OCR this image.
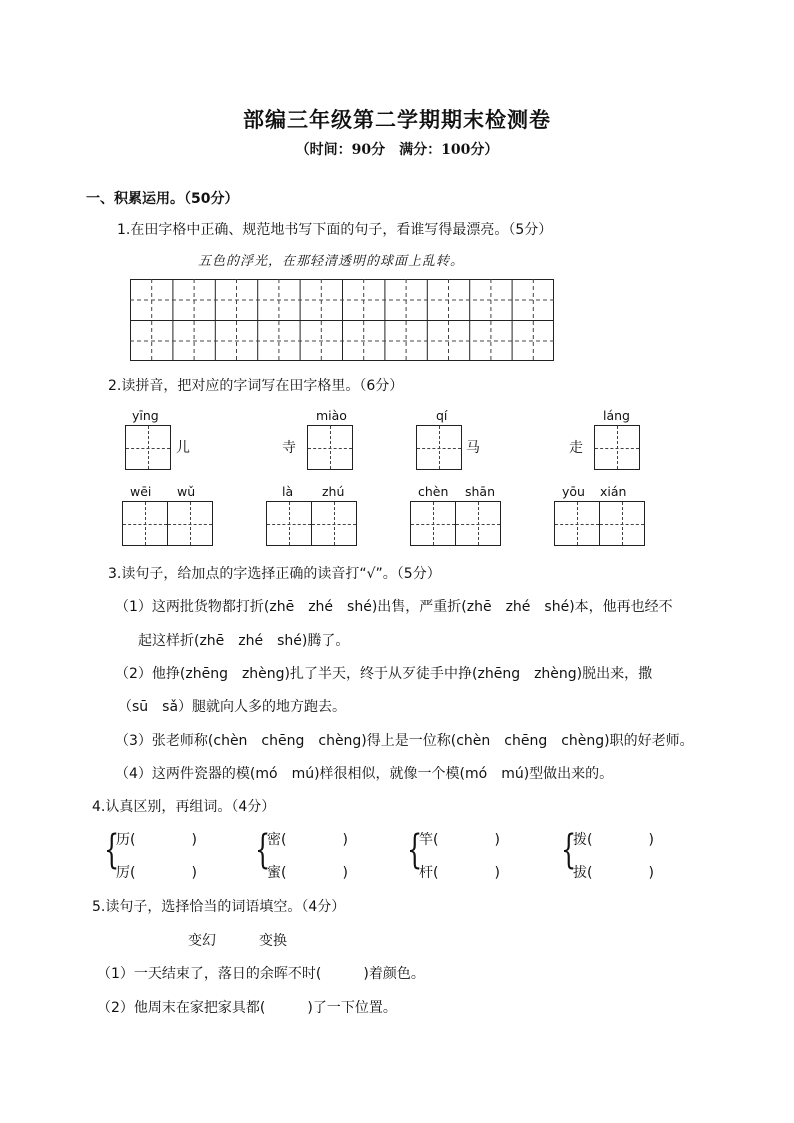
部编三年级第二学期期末检测卷
（时间：90分　满分：100分）
一、积累运用。（50分）
1.在田字格中正确、规范地书写下面的句子，看谁写得最漂亮。（5分）
五色的浮光，在那轻清透明的球面上乱转。
2.读拼音，把对应的字词写在田字格里。（6分）
yīng
儿
miào
寺
qí
马
láng
走
wēi wǔ	là zhú	chèn shān	yōu xián
3.读句子，给加点的字选择正确的读音打“√”。（5分）
（1）这两批货物都打折(zhē　zhé　shé)出售，严重折(zhē　zhé　shé)本，他再也经不
起这样折(zhē　zhé　shé)腾了。
（2）他挣(zhēng　zhèng)扎了半天，终于从歹徒手中挣(zhēng　zhèng)脱出来，撒
（sū　sǎ）腿就向人多的地方跑去。
（3）张老师称(chèn　chēng　chèng)得上是一位称(chèn　chēng　chèng)职的好老师。
（4）这两件瓷器的模(mó　mú)样很相似，就像一个模(mó　mú)型做出来的。
4.认真区别，再组词。（4分）
{
历(　　　　)
厉(　　　　) {
密(　　　　)
蜜(　　　　) {
竿(　　　　)
杆(　　　　) {
拨(　　　　)
拔(　　　　)
5.读句子，选择恰当的词语填空。（4分）
变幻	变换
（1）一天结束了，落日的余晖不时(　　　)着颜色。
（2）他周末在家把家具都(　　　)了一下位置。
